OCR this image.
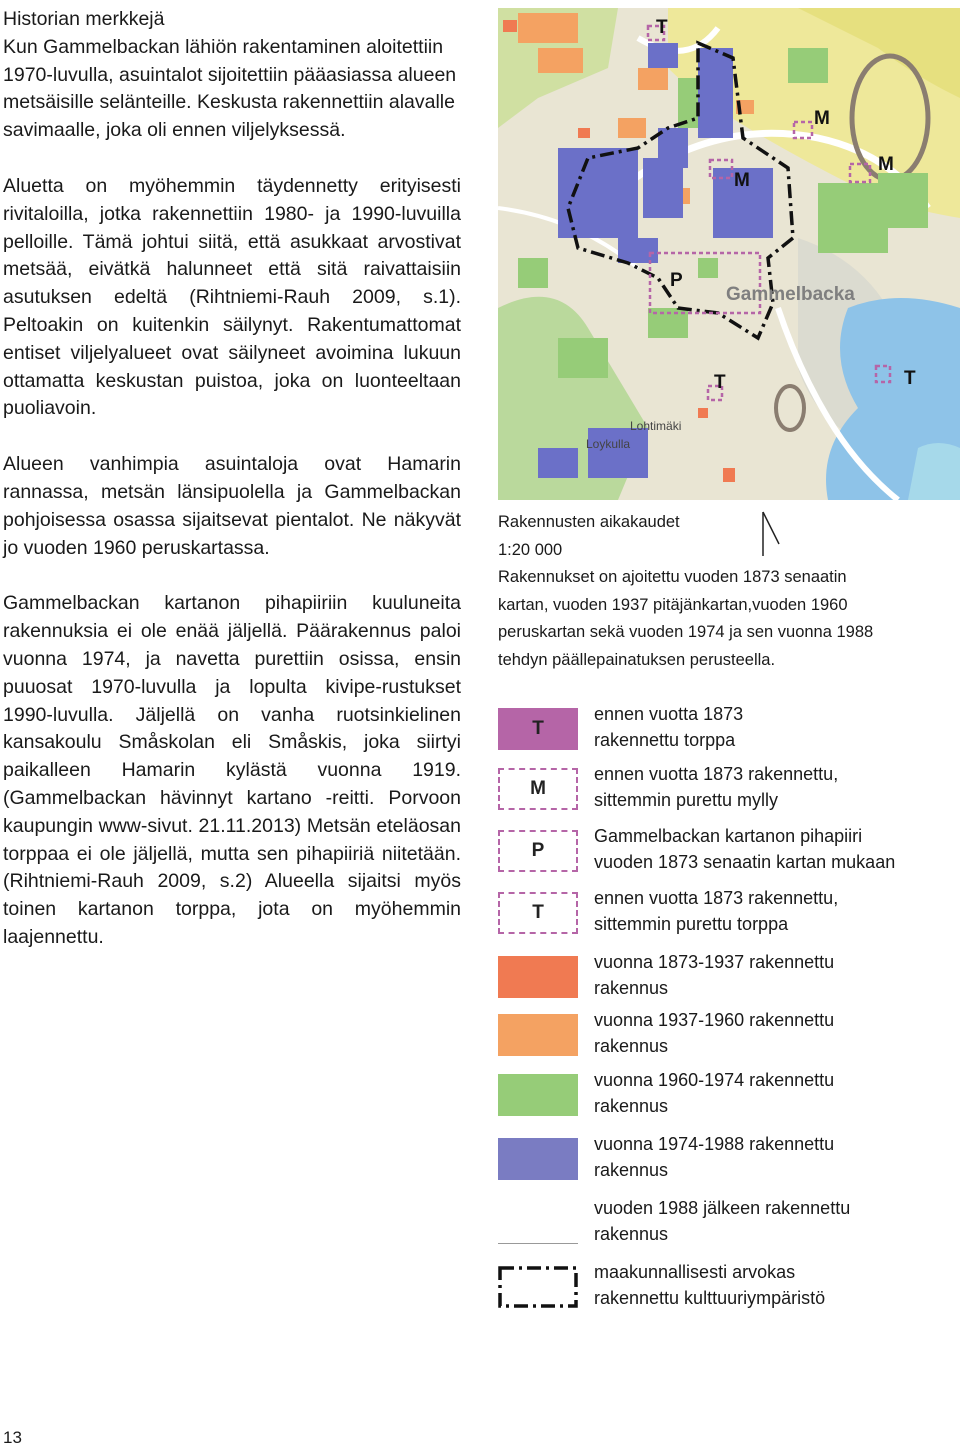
Historian merkkejä

Kun Gammelbackan lähiön rakentaminen aloitettiin 1970-luvulla, asuintalot sijoitettiin pääasiassa alueen metsäisille selänteille. Keskusta rakennettiin alavalle savimaalle, joka oli ennen viljelyksessä.

Aluetta on myöhemmin täydennetty erityisesti rivitaloilla, jotka rakennettiin 1980- ja 1990-luvuilla pelloille. Tämä johtui siitä, että asukkaat arvostivat metsää, eivätkä halunneet että sitä raivattaisiin asutuksen edeltä (Rihtniemi-Rauh 2009, s.1). Peltoakin on kuitenkin säilynyt. Rakentumattomat entiset viljelyalueet ovat säilyneet avoimina lukuun ottamatta keskustan puistoa, joka on luonteeltaan puoliavoin.

Alueen vanhimpia asuintaloja ovat Hamarin rannassa, metsän länsipuolella ja Gammelbackan pohjoisessa osassa sijaitsevat pientalot. Ne näkyvät jo vuoden 1960 peruskartassa.

Gammelbackan kartanon pihapiiriin kuuluneita rakennuksia ei ole enää jäljellä. Päärakennus paloi vuonna 1974, ja navetta purettiin osissa, ensin puuosat 1970-luvulla ja lopulta kivipe-rustukset 1990-luvulla. Jäljellä on vanha ruotsinkielinen kansakoulu Småskolan eli Småskis, joka siirtyi paikalleen Hamarin kylästä vuonna 1919. (Gammelbackan hävinnyt kartano -reitti. Porvoon kaupungin www-sivut. 21.11.2013) Metsän eteläosan torppaa ei ole jäljellä, mutta sen pihapiiriä niitetään. (Rihtniemi-Rauh 2009, s.2) Alueella sijaitsi myös toinen kartanon torppa, jota on myöhemmin laajennettu.

Gammelbacka
Lohtimäki
Loykulla
T
M
M
M
P
T	T
Rakennusten aikakaudet
1:20 000
Rakennukset on ajoitettu vuoden 1873 senaatin
kartan, vuoden 1937 pitäjänkartan,vuoden 1960
peruskartan sekä vuoden 1974 ja sen vuonna 1988
tehdyn päällepainatuksen perusteella.
T
ennen vuotta 1873
rakennettu torppa
M
ennen vuotta 1873 rakennettu,
sittemmin purettu mylly
P
Gammelbackan kartanon pihapiiri
vuoden 1873 senaatin kartan mukaan
T
ennen vuotta 1873 rakennettu,
sittemmin purettu torppa
vuonna 1873-1937 rakennettu
rakennus
vuonna 1937-1960 rakennettu
rakennus
vuonna 1960-1974 rakennettu
rakennus
vuonna 1974-1988 rakennettu
rakennus
vuoden 1988 jälkeen rakennettu
rakennus
maakunnallisesti arvokas
rakennettu kulttuuriympäristö
13
